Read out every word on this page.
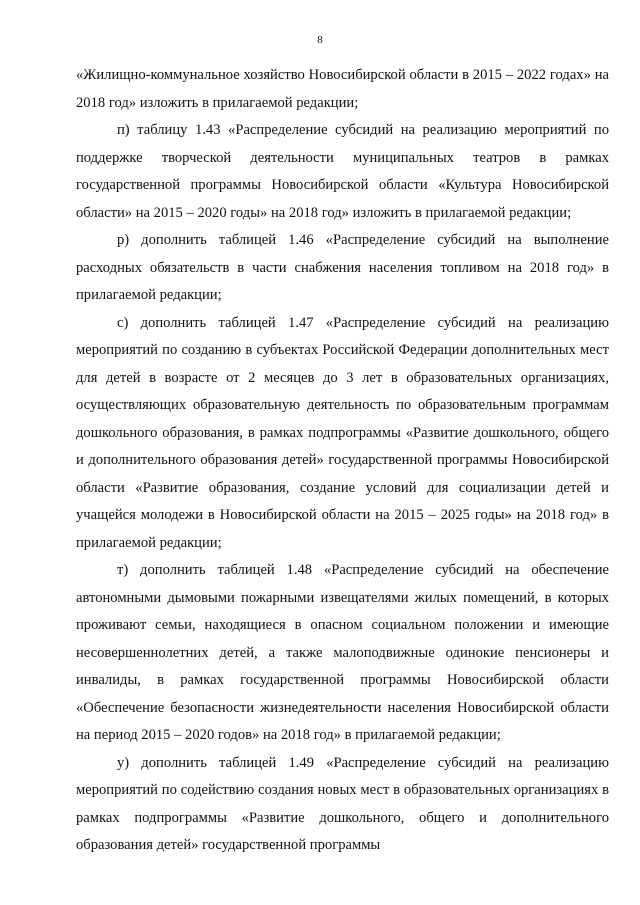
8

«Жилищно-коммунальное хозяйство Новосибирской области в 2015 – 2022 годах» на 2018 год» изложить в прилагаемой редакции;

п) таблицу 1.43 «Распределение субсидий на реализацию мероприятий по поддержке творческой деятельности муниципальных театров в рамках государственной программы Новосибирской области «Культура Новосибирской области» на 2015 – 2020 годы» на 2018 год» изложить в прилагаемой редакции;

р) дополнить таблицей 1.46 «Распределение субсидий на выполнение расходных обязательств в части снабжения населения топливом на 2018 год» в прилагаемой редакции;

с) дополнить таблицей 1.47 «Распределение субсидий на реализацию мероприятий по созданию в субъектах Российской Федерации дополнительных мест для детей в возрасте от 2 месяцев до 3 лет в образовательных организациях, осуществляющих образовательную деятельность по образовательным программам дошкольного образования, в рамках подпрограммы «Развитие дошкольного, общего и дополнительного образования детей» государственной программы Новосибирской области «Развитие образования, создание условий для социализации детей и учащейся молодежи в Новосибирской области на 2015 – 2025 годы» на 2018 год» в прилагаемой редакции;

т) дополнить таблицей 1.48 «Распределение субсидий на обеспечение автономными дымовыми пожарными извещателями жилых помещений, в которых проживают семьи, находящиеся в опасном социальном положении и имеющие несовершеннолетних детей, а также малоподвижные одинокие пенсионеры и инвалиды, в рамках государственной программы Новосибирской области «Обеспечение безопасности жизнедеятельности населения Новосибирской области на период 2015 – 2020 годов» на 2018 год» в прилагаемой редакции;

у) дополнить таблицей 1.49 «Распределение субсидий на реализацию мероприятий по содействию создания новых мест в образовательных организациях в рамках подпрограммы «Развитие дошкольного, общего и дополнительного образования детей» государственной программы
